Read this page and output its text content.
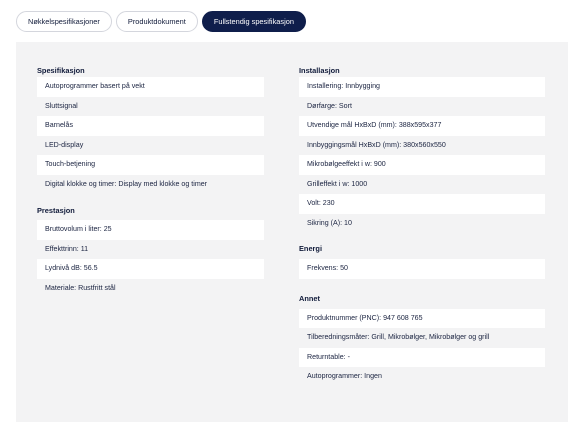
Nøkkelspesifikasjoner	Produktdokument	Fullstendig spesifikasjon
Spesifikasjon
Autoprogrammer basert på vekt
Sluttsignal
Barnelås
LED-display
Touch-betjening
Digital klokke og timer: Display med klokke og timer
Prestasjon
Bruttovolum i liter: 25
Effekttrinn: 11
Lydnivå dB: 56.5
Materiale: Rustfritt stål
Installasjon
Installering: Innbygging
Dørfarge: Sort
Utvendige mål HxBxD (mm): 388x595x377
Innbyggingsmål HxBxD (mm): 380x560x550
Mikrobølgeeffekt i w: 900
Grilleffekt i w: 1000
Volt: 230
Sikring (A): 10
Energi
Frekvens: 50
Annet
Produktnummer (PNC): 947 608 765
Tilberedningsmåter: Grill, Mikrobølger, Mikrobølger og grill
Returntable: -
Autoprogrammer: Ingen
